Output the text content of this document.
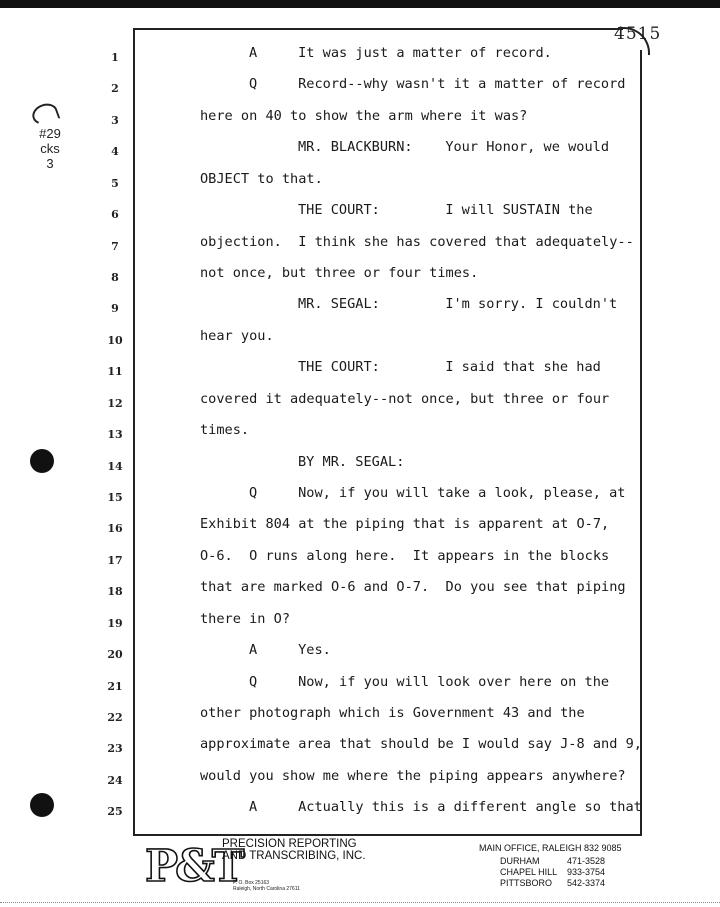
4515
#29
cks
3
1	A     It was just a matter of record.
2	Q     Record--why wasn't it a matter of record
3	here on 40 to show the arm where it was?
4	MR. BLACKBURN:    Your Honor, we would
5	OBJECT to that.
6	THE COURT:        I will SUSTAIN the
7	objection.  I think she has covered that adequately--
8	not once, but three or four times.
9	MR. SEGAL:        I'm sorry. I couldn't
10	hear you.
11	THE COURT:        I said that she had
12	covered it adequately--not once, but three or four
13	times.
14	BY MR. SEGAL:
15	Q     Now, if you will take a look, please, at
16	Exhibit 804 at the piping that is apparent at O-7,
17	O-6.  O runs along here.  It appears in the blocks
18	that are marked O-6 and O-7.  Do you see that piping
19	there in O?
20	A     Yes.
21	Q     Now, if you will look over here on the
22	other photograph which is Government 43 and the
23	approximate area that should be I would say J-8 and 9,
24	would you show me where the piping appears anywhere?
25	A     Actually this is a different angle so that
P&T
PRECISION REPORTING
AND TRANSCRIBING, INC.
P. O. Box 25163
Raleigh, North Carolina 27611
MAIN OFFICE, RALEIGH 832 9085
DURHAM	471-3528
CHAPEL HILL 933-3754
PITTSBORO 542-3374
